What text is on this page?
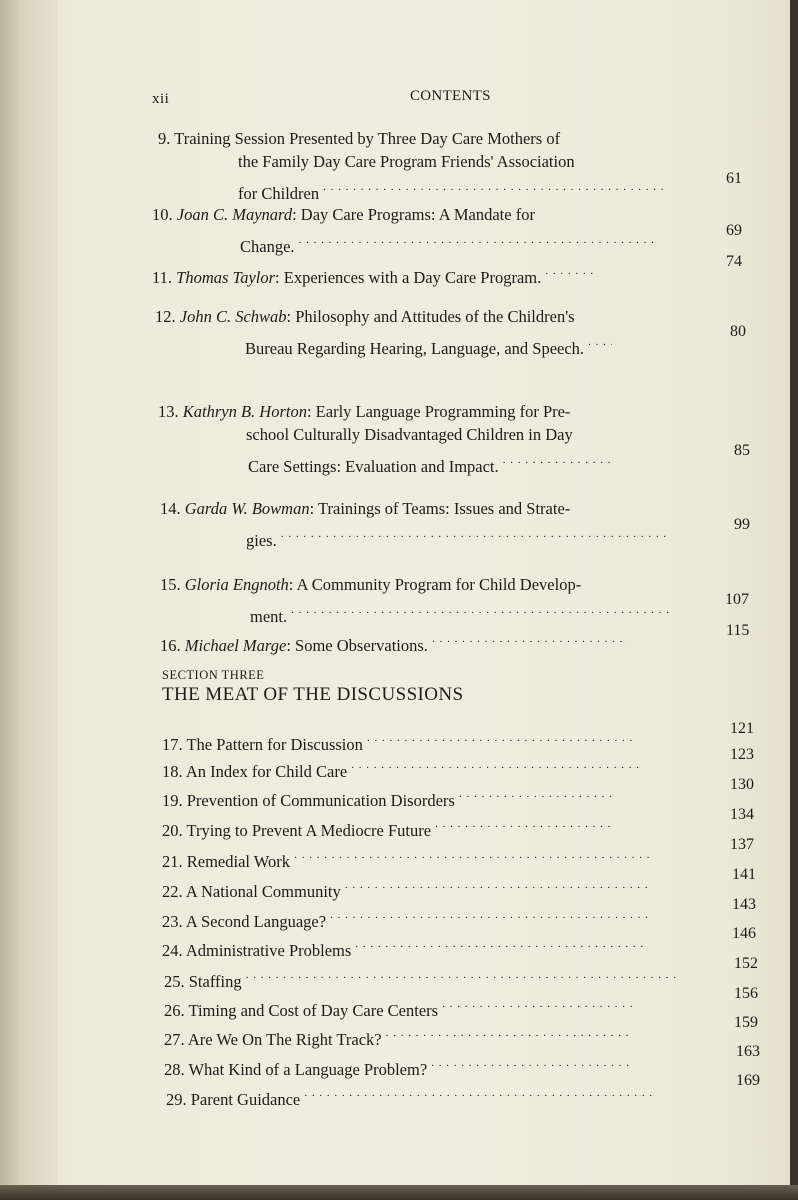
xii	CONTENTS
9. Training Session Presented by Three Day Care Mothers of
the Family Day Care Program Friends' Association
for Children . . .
61
10. Joan C. Maynard: Day Care Programs: A Mandate for
Change. . . .
69
11. Thomas Taylor: Experiences with a Day Care Program. . . .
74
12. John C. Schwab: Philosophy and Attitudes of the Children's
Bureau Regarding Hearing, Language, and Speech. . . .
80
13. Kathryn B. Horton: Early Language Programming for Pre-
school Culturally Disadvantaged Children in Day
Care Settings: Evaluation and Impact. . . .
85
14. Garda W. Bowman: Trainings of Teams: Issues and Strate-
gies. . . .
99
15. Gloria Engnoth: A Community Program for Child Develop-
ment. . . .
107
16. Michael Marge: Some Observations. . . .
115
SECTION THREE
THE MEAT OF THE DISCUSSIONS
17. The Pattern for Discussion . . .
121
18. An Index for Child Care . . .
123
19. Prevention of Communication Disorders . . .
130
20. Trying to Prevent A Mediocre Future . . .
134
21. Remedial Work . . .
137
22. A National Community . . .
141
23. A Second Language? . . .
143
24. Administrative Problems . . .
146
25. Staffing . . .
152
26. Timing and Cost of Day Care Centers . . .
156
27. Are We On The Right Track? . . .
159
28. What Kind of a Language Problem? . . .
163
29. Parent Guidance . . .
169
